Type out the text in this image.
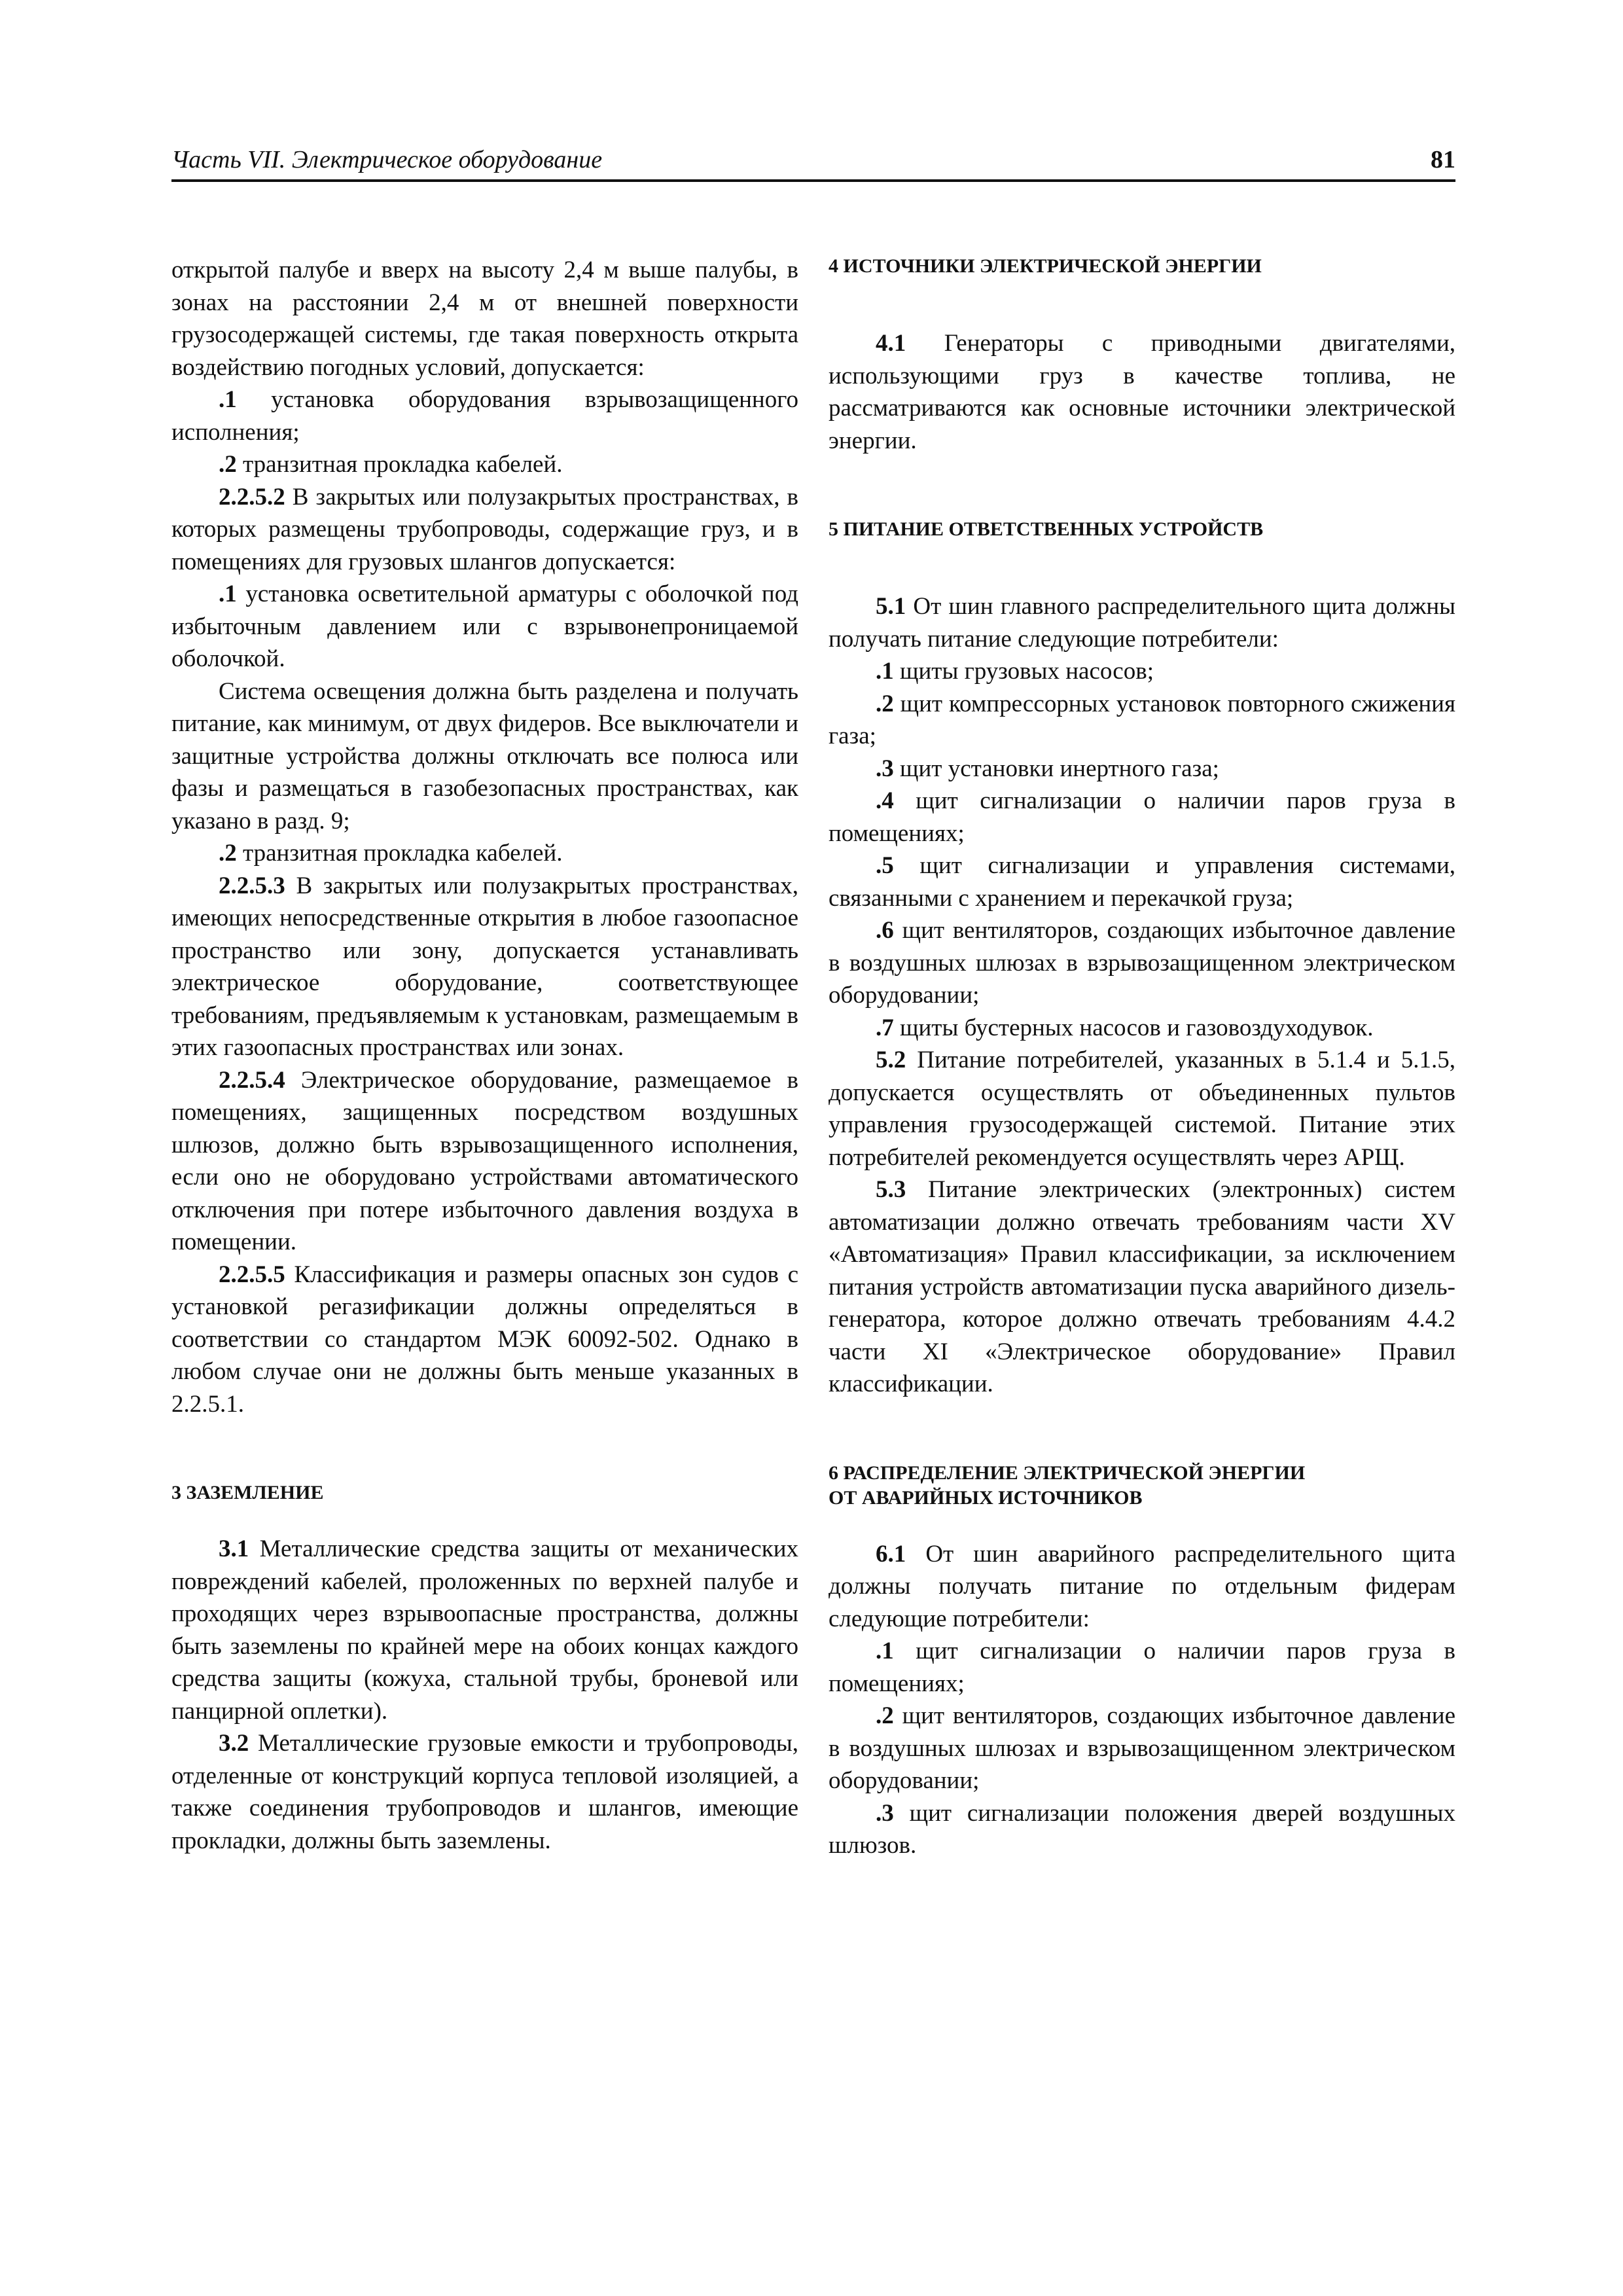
Часть VII. Электрическое оборудование	81

открытой палубе и вверх на высоту 2,4 м выше палубы, в зонах на расстоянии 2,4 м от внешней поверхности грузосодержащей системы, где такая поверхность открыта воздействию погодных условий, допускается:

.1 установка оборудования взрывозащищенного исполнения;

.2 транзитная прокладка кабелей.

2.2.5.2 В закрытых или полузакрытых пространствах, в которых размещены трубопроводы, содержащие груз, и в помещениях для грузовых шлангов допускается:

.1 установка осветительной арматуры с оболочкой под избыточным давлением или с взрывонепроницаемой оболочкой.

Система освещения должна быть разделена и получать питание, как минимум, от двух фидеров. Все выключатели и защитные устройства должны отключать все полюса или фазы и размещаться в газобезопасных пространствах, как указано в разд. 9;

.2 транзитная прокладка кабелей.

2.2.5.3 В закрытых или полузакрытых пространствах, имеющих непосредственные открытия в любое газоопасное пространство или зону, допускается устанавливать электрическое оборудование, соответствующее требованиям, предъявляемым к установкам, размещаемым в этих газоопасных пространствах или зонах.

2.2.5.4 Электрическое оборудование, размещаемое в помещениях, защищенных посредством воздушных шлюзов, должно быть взрывозащищенного исполнения, если оно не оборудовано устройствами автоматического отключения при потере избыточного давления воздуха в помещении.

2.2.5.5 Классификация и размеры опасных зон судов с установкой регазификации должны определяться в соответствии со стандартом МЭК 60092-502. Однако в любом случае они не должны быть меньше указанных в 2.2.5.1.

3 ЗАЗЕМЛЕНИЕ

3.1 Металлические средства защиты от механических повреждений кабелей, проложенных по верхней палубе и проходящих через взрывоопасные пространства, должны быть заземлены по крайней мере на обоих концах каждого средства защиты (кожуха, стальной трубы, броневой или панцирной оплетки).

3.2 Металлические грузовые емкости и трубопроводы, отделенные от конструкций корпуса тепловой изоляцией, а также соединения трубопроводов и шлангов, имеющие прокладки, должны быть заземлены.

4 ИСТОЧНИКИ ЭЛЕКТРИЧЕСКОЙ ЭНЕРГИИ

4.1 Генераторы с приводными двигателями, использующими груз в качестве топлива, не рассматриваются как основные источники электрической энергии.

5 ПИТАНИЕ ОТВЕТСТВЕННЫХ УСТРОЙСТВ

5.1 От шин главного распределительного щита должны получать питание следующие потребители:

.1 щиты грузовых насосов;

.2 щит компрессорных установок повторного сжижения газа;

.3 щит установки инертного газа;

.4 щит сигнализации о наличии паров груза в помещениях;

.5 щит сигнализации и управления системами, связанными с хранением и перекачкой груза;

.6 щит вентиляторов, создающих избыточное давление в воздушных шлюзах в взрывозащищенном электрическом оборудовании;

.7 щиты бустерных насосов и газовоздуходувок.

5.2 Питание потребителей, указанных в 5.1.4 и 5.1.5, допускается осуществлять от объединенных пультов управления грузосодержащей системой. Питание этих потребителей рекомендуется осуществлять через АРЩ.

5.3 Питание электрических (электронных) систем автоматизации должно отвечать требованиям части XV «Автоматизация» Правил классификации, за исключением питания устройств автоматизации пуска аварийного дизель-генератора, которое должно отвечать требованиям 4.4.2 части XI «Электрическое оборудование» Правил классификации.

6 РАСПРЕДЕЛЕНИЕ ЭЛЕКТРИЧЕСКОЙ ЭНЕРГИИ
ОТ АВАРИЙНЫХ ИСТОЧНИКОВ

6.1 От шин аварийного распределительного щита должны получать питание по отдельным фидерам следующие потребители:

.1 щит сигнализации о наличии паров груза в помещениях;

.2 щит вентиляторов, создающих избыточное давление в воздушных шлюзах и взрывозащищенном электрическом оборудовании;

.3 щит сигнализации положения дверей воздушных шлюзов.
